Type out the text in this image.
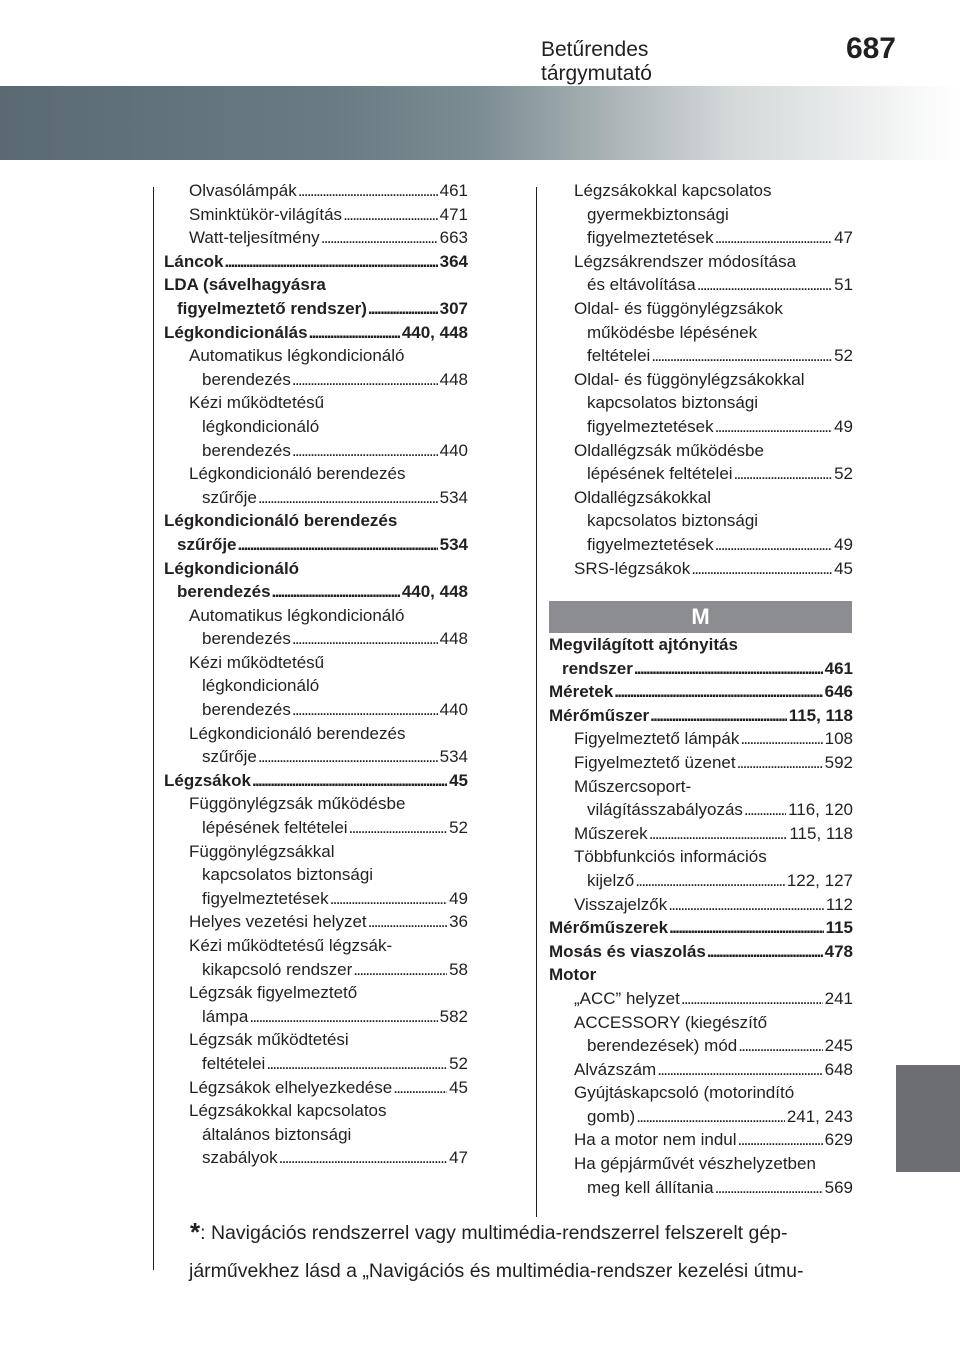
Betűrendes tárgymutató
687
Olvasólámpák . . .	461
Sminktükör-világítás . . .	471
Watt-teljesítmény . . .	663
Láncok . . .	364
LDA (sávelhagyásra
figyelmeztető rendszer) . . .	307
Légkondicionálás . . .	440, 448
Automatikus légkondicionáló
berendezés . . .	448
Kézi működtetésű
légkondicionáló
berendezés . . .	440
Légkondicionáló berendezés
szűrője . . .	534
Légkondicionáló berendezés
szűrője . . .	534
Légkondicionáló
berendezés . . .	440, 448
Automatikus légkondicionáló
berendezés . . .	448
Kézi működtetésű
légkondicionáló
berendezés . . .	440
Légkondicionáló berendezés
szűrője . . .	534
Légzsákok . . .	45
Függönylégzsák működésbe
lépésének feltételei . . .	52
Függönylégzsákkal
kapcsolatos biztonsági
figyelmeztetések . . .	49
Helyes vezetési helyzet . . .	36
Kézi működtetésű légzsák-
kikapcsoló rendszer . . .	58
Légzsák figyelmeztető
lámpa . . .	582
Légzsák működtetési
feltételei . . .	52
Légzsákok elhelyezkedése . . .	45
Légzsákokkal kapcsolatos
általános biztonsági
szabályok . . .	47
Légzsákokkal kapcsolatos
gyermekbiztonsági
figyelmeztetések . . .	47
Légzsákrendszer módosítása
és eltávolítása . . .	51
Oldal- és függönylégzsákok
működésbe lépésének
feltételei . . .	52
Oldal- és függönylégzsákokkal
kapcsolatos biztonsági
figyelmeztetések . . .	49
Oldallégzsák működésbe
lépésének feltételei . . .	52
Oldallégzsákokkal
kapcsolatos biztonsági
figyelmeztetések . . .	49
SRS-légzsákok . . .	45
M
Megvilágított ajtónyitás
rendszer . . .	461
Méretek . . .	646
Mérőműszer . . .	115, 118
Figyelmeztető lámpák . . .	108
Figyelmeztető üzenet . . .	592
Műszercsoport-
világításszabályozás . . .	116, 120
Műszerek . . .	115, 118
Többfunkciós információs
kijelző . . .	122, 127
Visszajelzők . . .	112
Mérőműszerek . . .	115
Mosás és viaszolás . . .	478
Motor
„ACC” helyzet . . .	241
ACCESSORY (kiegészítő
berendezések) mód . . .	245
Alvázszám . . .	648
Gyújtáskapcsoló (motorindító
gomb) . . .	241, 243
Ha a motor nem indul . . .	629
Ha gépjárművét vészhelyzetben
meg kell állítania . . .	569
*: Navigációs rendszerrel vagy multimédia-rendszerrel felszerelt gép-
járművekhez lásd a „Navigációs és multimédia-rendszer kezelési útmu-
